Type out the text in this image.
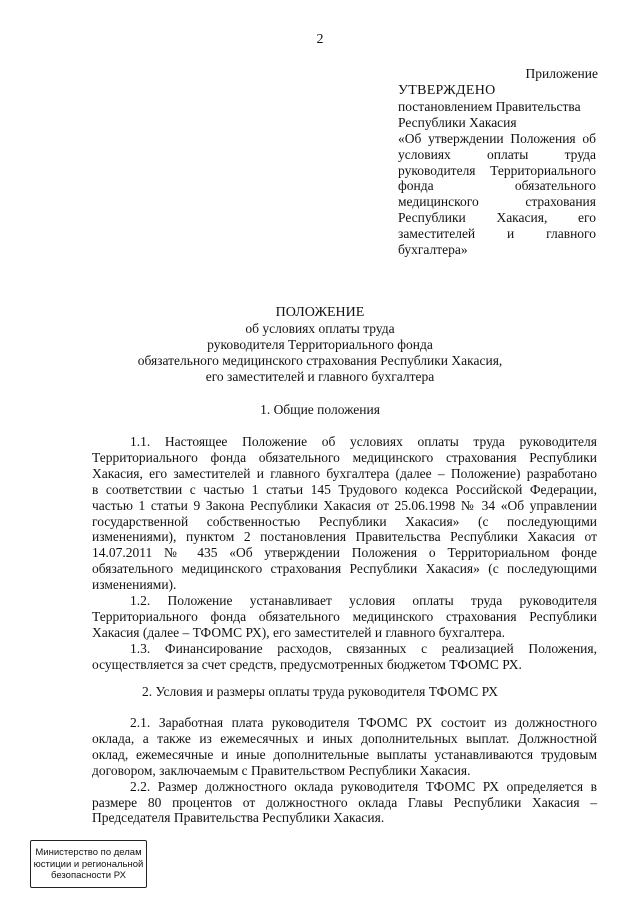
2
Приложение
УТВЕРЖДЕНО
постановлением Правительства
Республики Хакасия
«Об утверждении Положения об
условиях оплаты труда
руководителя Территориального
фонда обязательного
медицинского страхования
Республики Хакасия, его
заместителей и главного
бухгалтера»
ПОЛОЖЕНИЕ
об условиях оплаты труда
руководителя Территориального фонда
обязательного медицинского страхования Республики Хакасия,
его заместителей и главного бухгалтера
1. Общие положения
1.1. Настоящее Положение об условиях оплаты труда руководителя
Территориального фонда обязательного медицинского страхования Республики
Хакасия, его заместителей и главного бухгалтера (далее – Положение) разработано
в соответствии с частью 1 статьи 145 Трудового кодекса Российской Федерации,
частью 1 статьи 9 Закона Республики Хакасия от 25.06.1998 № 34 «Об управлении
государственной собственностью Республики Хакасия» (с последующими
изменениями), пунктом 2 постановления Правительства Республики Хакасия от
14.07.2011 № 435 «Об утверждении Положения о Территориальном фонде
обязательного медицинского страхования Республики Хакасия» (с последующими
изменениями).
1.2. Положение устанавливает условия оплаты труда руководителя
Территориального фонда обязательного медицинского страхования Республики
Хакасия (далее – ТФОМС РХ), его заместителей и главного бухгалтера.
1.3. Финансирование расходов, связанных с реализацией Положения,
осуществляется за счет средств, предусмотренных бюджетом ТФОМС РХ.
2. Условия и размеры оплаты труда руководителя ТФОМС РХ
2.1. Заработная плата руководителя ТФОМС РХ состоит из должностного
оклада, а также из ежемесячных и иных дополнительных выплат. Должностной
оклад, ежемесячные и иные дополнительные выплаты устанавливаются трудовым
договором, заключаемым с Правительством Республики Хакасия.
2.2. Размер должностного оклада руководителя ТФОМС РХ определяется в
размере 80 процентов от должностного оклада Главы Республики Хакасия –
Председателя Правительства Республики Хакасия.
Министерство по делам
юстиции и региональной
безопасности РХ
